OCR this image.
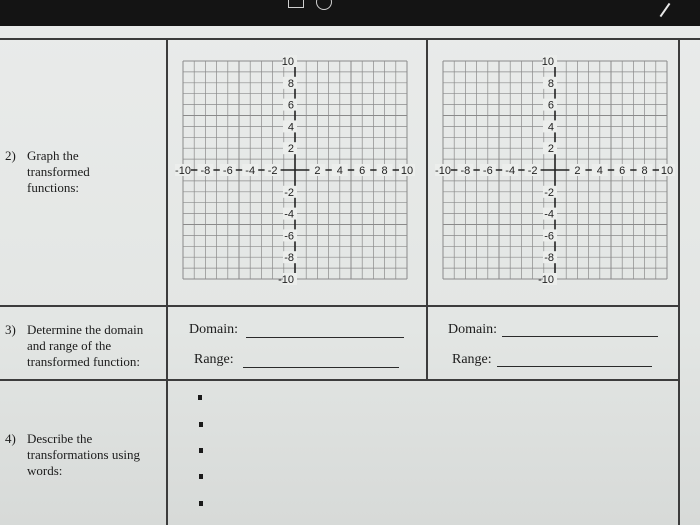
2) Graph the transformed functions:
-10 -8 -6 -4 -2	2 4 6 8 10
10
8
6
4
2
-2
-4
-6
-8
-10
-10 -8 -6 -4 -2	2 4 6 8 10
10
8
6
4
2
-2
-4
-6
-8
-10
3) Determine the domain and range of the transformed function:
Domain:
Range:
Domain:
Range:
4) Describe the transformations using words:
